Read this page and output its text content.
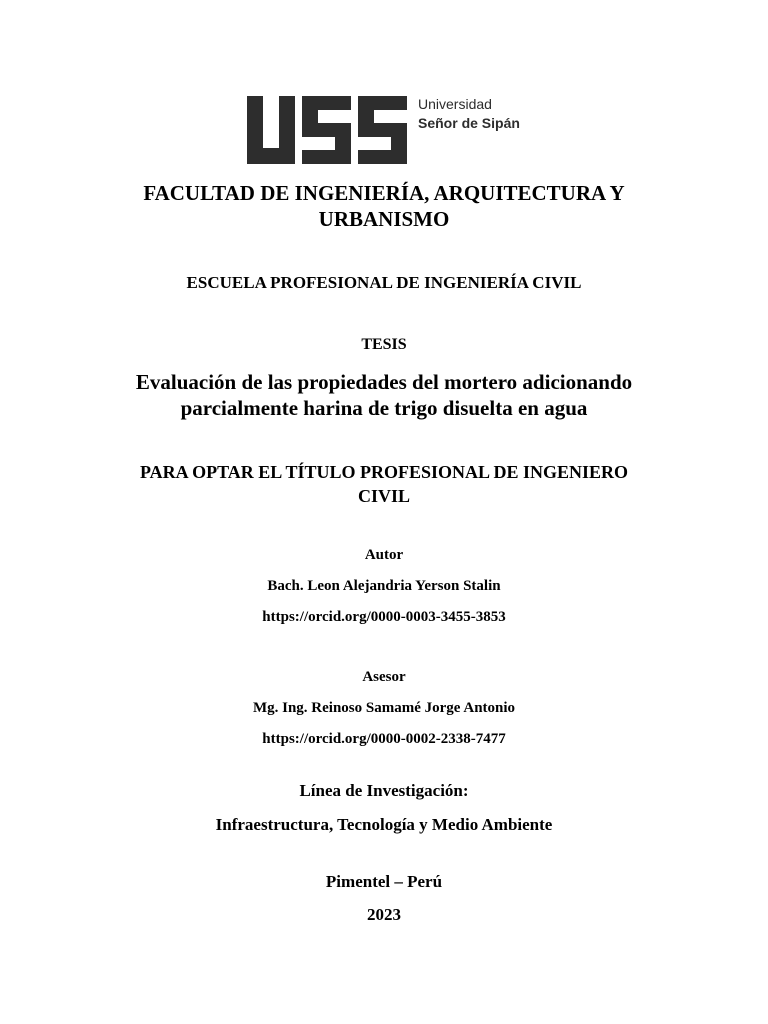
Universidad
Señor de Sipán
FACULTAD DE INGENIERÍA, ARQUITECTURA Y
URBANISMO
ESCUELA PROFESIONAL DE INGENIERÍA CIVIL
TESIS
Evaluación de las propiedades del mortero adicionando
parcialmente harina de trigo disuelta en agua
PARA OPTAR EL TÍTULO PROFESIONAL DE INGENIERO
CIVIL
Autor
Bach. Leon Alejandria Yerson Stalin
https://orcid.org/0000-0003-3455-3853
Asesor
Mg. Ing. Reinoso Samamé Jorge Antonio
https://orcid.org/0000-0002-2338-7477
Línea de Investigación:
Infraestructura, Tecnología y Medio Ambiente
Pimentel – Perú
2023
